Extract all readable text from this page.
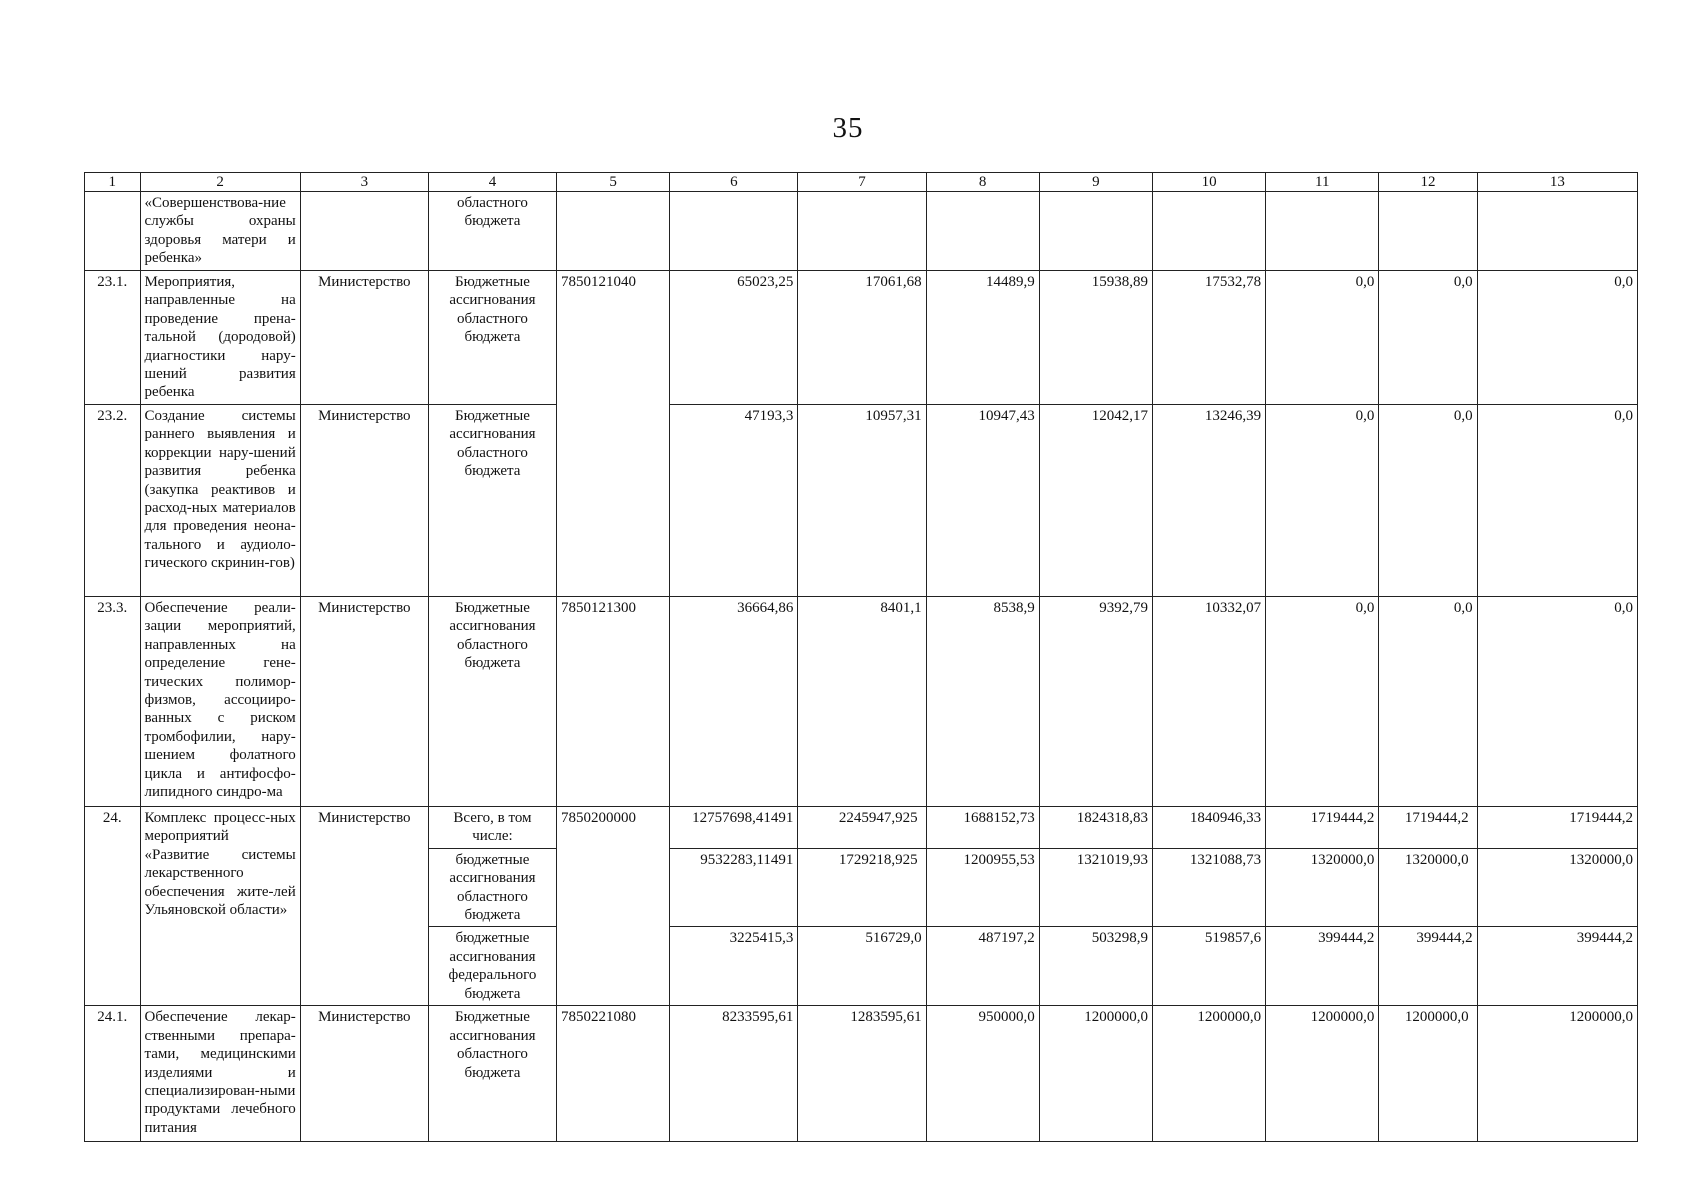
35
1	2	3	4	5	6	7	8	9	10	11	12	13
	«Совершенствова-ние службы охраны здоровья матери и ребенка»		областного бюджета									
23.1.	Мероприятия, направленные на проведение прена-тальной (дородовой) диагностики нару-шений развития ребенка	Министерство	Бюджетные ассигнования областного бюджета	7850121040	65023,25	17061,68	14489,9	15938,89	17532,78	0,0	0,0	0,0
23.2.	Создание системы раннего выявления и коррекции нару-шений развития ребенка (закупка реактивов и расход-ных материалов для проведения неона-тального и аудиоло-гического скринин-гов)	Министерство	Бюджетные ассигнования областного бюджета		47193,3	10957,31	10947,43	12042,17	13246,39	0,0	0,0	0,0
23.3.	Обеспечение реали-зации мероприятий, направленных на определение гене-тических полимор-физмов, ассоцииро-ванных с риском тромбофилии, нару-шением фолатного цикла и антифосфо-липидного синдро-ма	Министерство	Бюджетные ассигнования областного бюджета	7850121300	36664,86	8401,1	8538,9	9392,79	10332,07	0,0	0,0	0,0
24.	Комплекс процесс-ных мероприятий «Развитие системы лекарственного обеспечения жите-лей Ульяновской области»	Министерство	Всего, в том числе:	7850200000	12757698,41491	2245947,925	1688152,73	1824318,83	1840946,33	1719444,2	1719444,2	1719444,2
			бюджетные ассигнования областного бюджета		9532283,11491	1729218,925	1200955,53	1321019,93	1321088,73	1320000,0	1320000,0	1320000,0
			бюджетные ассигнования федерального бюджета		3225415,3	516729,0	487197,2	503298,9	519857,6	399444,2	399444,2	399444,2
24.1.	Обеспечение лекар-ственными препара-тами, медицинскими изделиями и специализирован-ными продуктами лечебного питания	Министерство	Бюджетные ассигнования областного бюджета	7850221080	8233595,61	1283595,61	950000,0	1200000,0	1200000,0	1200000,0	1200000,0	1200000,0
